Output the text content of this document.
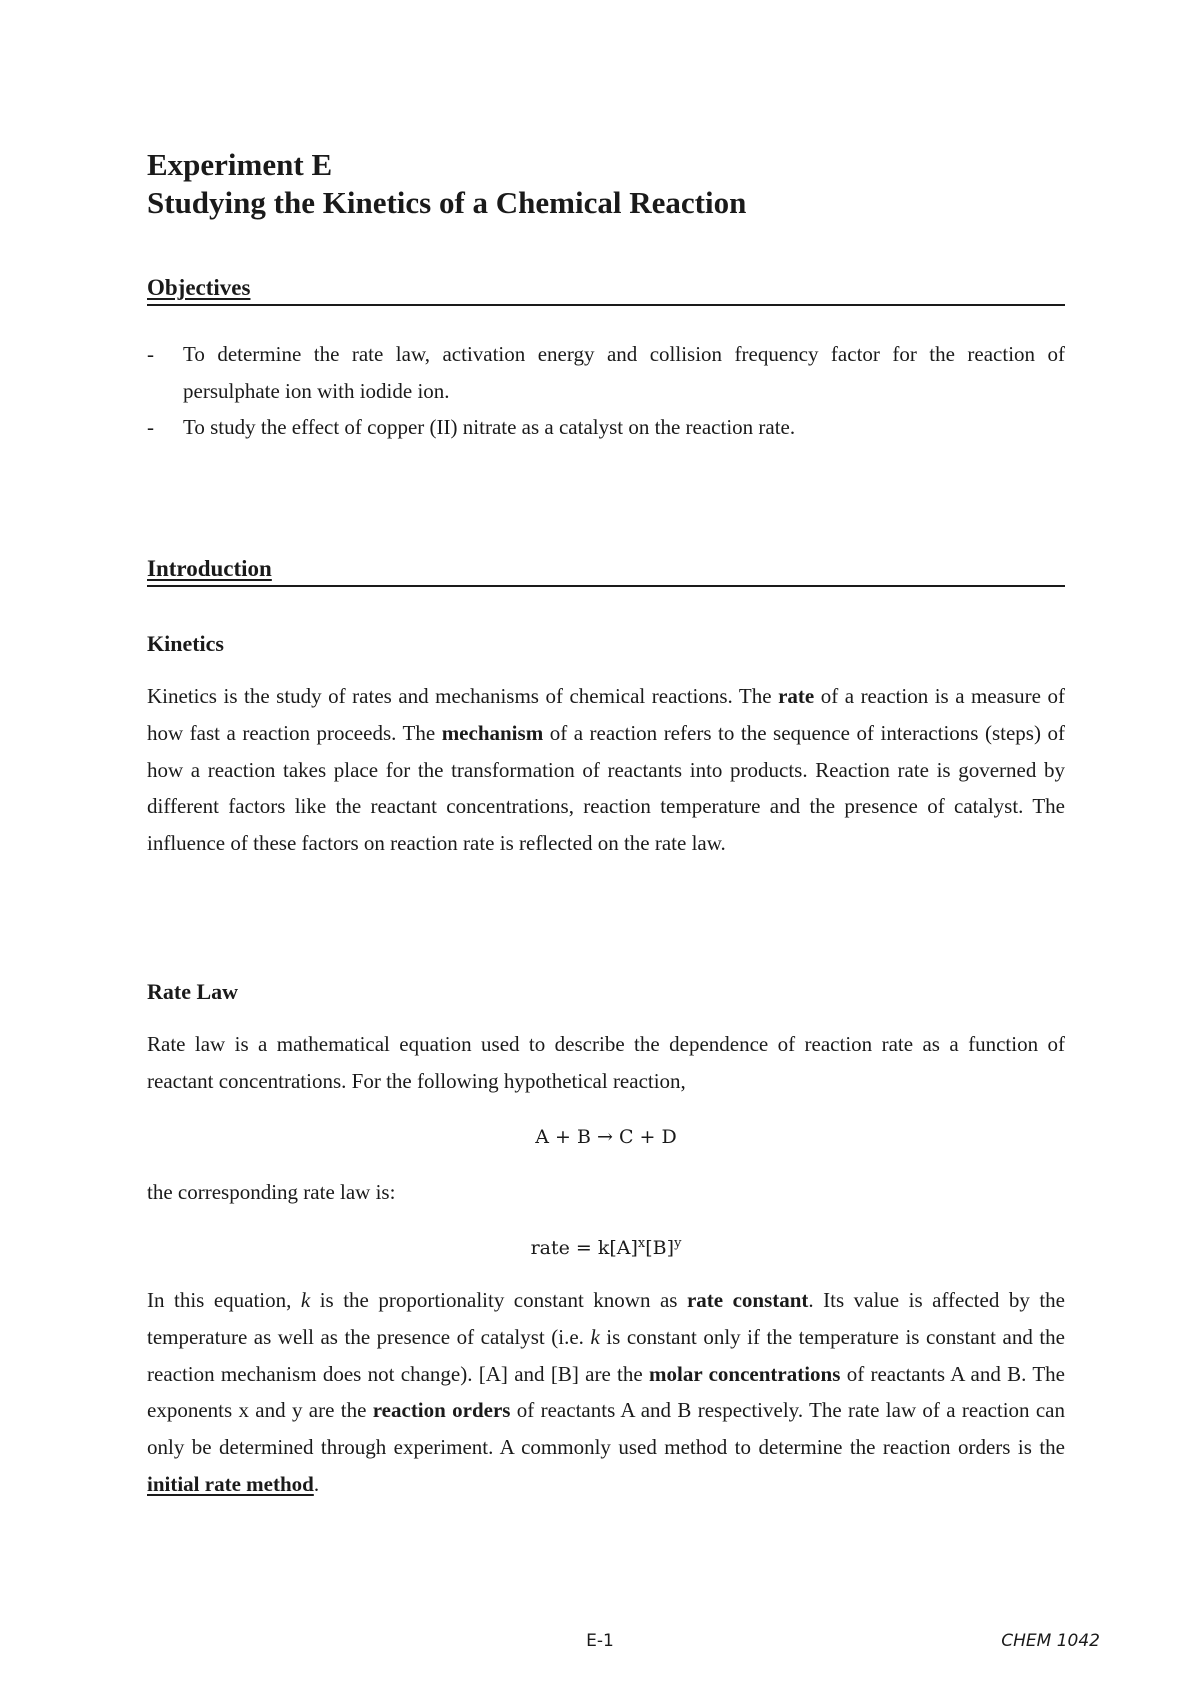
Experiment E
Studying the Kinetics of a Chemical Reaction
Objectives
- To determine the rate law, activation energy and collision frequency factor for the reaction of persulphate ion with iodide ion.
- To study the effect of copper (II) nitrate as a catalyst on the reaction rate.
Introduction
Kinetics

Kinetics is the study of rates and mechanisms of chemical reactions. The rate of a reaction is a measure of how fast a reaction proceeds. The mechanism of a reaction refers to the sequence of interactions (steps) of how a reaction takes place for the transformation of reactants into products. Reaction rate is governed by different factors like the reactant concentrations, reaction temperature and the presence of catalyst. The influence of these factors on reaction rate is reflected on the rate law.

Rate Law

Rate law is a mathematical equation used to describe the dependence of reaction rate as a function of reactant concentrations. For the following hypothetical reaction,

A + B → C + D

the corresponding rate law is:

rate = $k[A]^x[B]^y$

In this equation, k is the proportionality constant known as rate constant. Its value is affected by the temperature as well as the presence of catalyst (i.e. k is constant only if the temperature is constant and the reaction mechanism does not change). [A] and [B] are the molar concentrations of reactants A and B. The exponents x and y are the reaction orders of reactants A and B respectively. The rate law of a reaction can only be determined through experiment. A commonly used method to determine the reaction orders is the initial rate method.

E-1	CHEM 1042
